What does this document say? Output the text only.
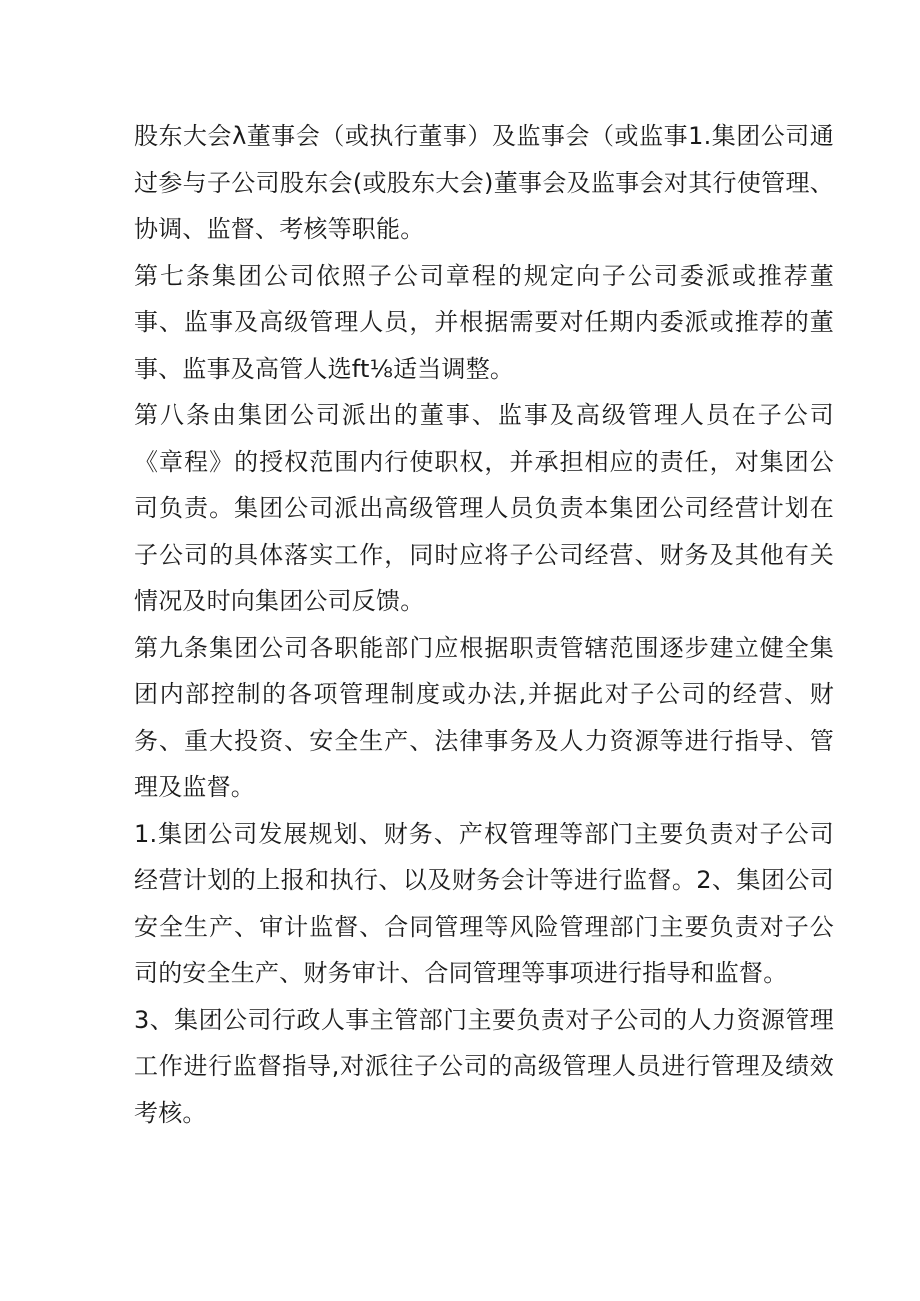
股东大会λ董事会（或执行董事）及监事会（或监事1.集团公司通过参与子公司股东会(或股东大会)董事会及监事会对其行使管理、协调、监督、考核等职能。

第七条集团公司依照子公司章程的规定向子公司委派或推荐董事、监事及高级管理人员，并根据需要对任期内委派或推荐的董事、监事及高管人选ft⅛适当调整。

第八条由集团公司派出的董事、监事及高级管理人员在子公司《章程》的授权范围内行使职权，并承担相应的责任，对集团公司负责。集团公司派出高级管理人员负责本集团公司经营计划在子公司的具体落实工作，同时应将子公司经营、财务及其他有关情况及时向集团公司反馈。

第九条集团公司各职能部门应根据职责管辖范围逐步建立健全集团内部控制的各项管理制度或办法,并据此对子公司的经营、财务、重大投资、安全生产、法律事务及人力资源等进行指导、管理及监督。

1.集团公司发展规划、财务、产权管理等部门主要负责对子公司经营计划的上报和执行、以及财务会计等进行监督。2、集团公司安全生产、审计监督、合同管理等风险管理部门主要负责对子公司的安全生产、财务审计、合同管理等事项进行指导和监督。

3、集团公司行政人事主管部门主要负责对子公司的人力资源管理工作进行监督指导,对派往子公司的高级管理人员进行管理及绩效考核。
